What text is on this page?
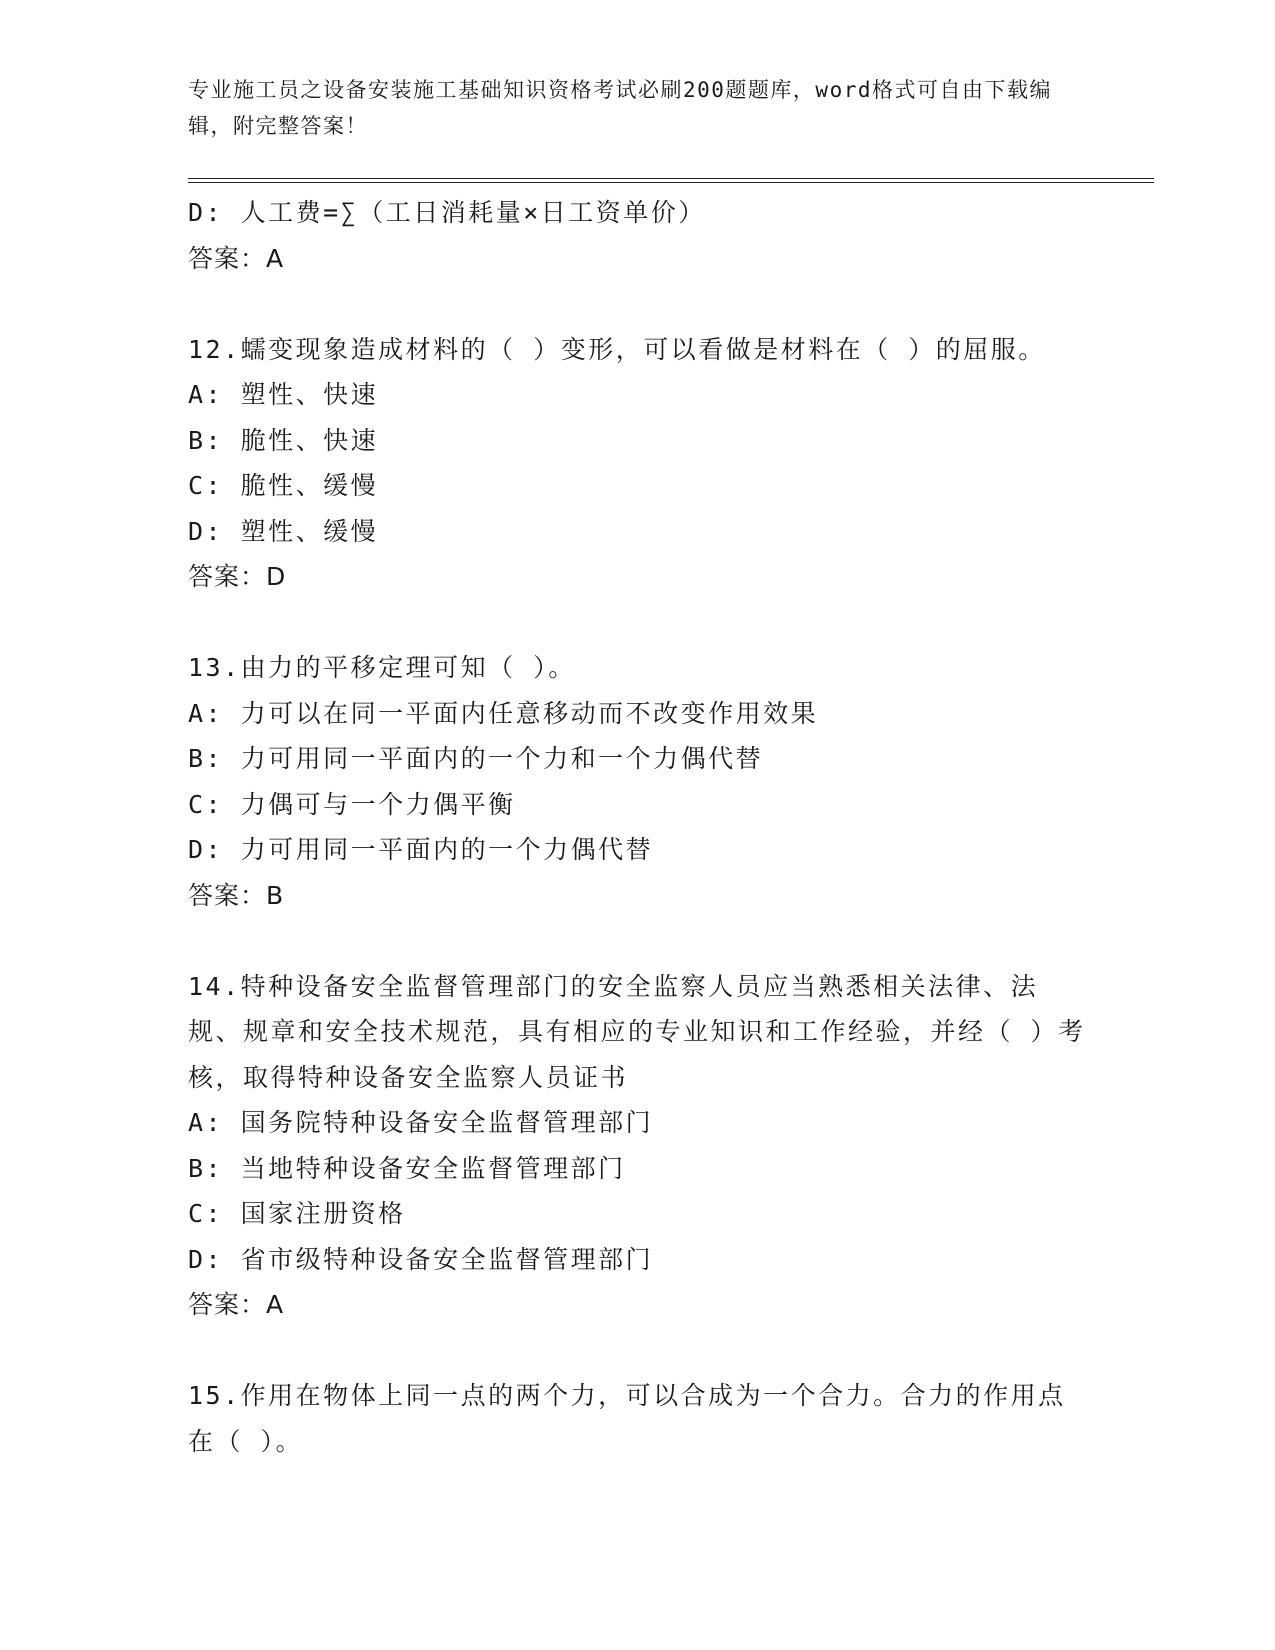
专业施工员之设备安装施工基础知识资格考试必刷200题题库，word格式可自由下载编辑，附完整答案！
D: 人工费=∑（工日消耗量×日工资单价）
答案：A
12.蠕变现象造成材料的（ ）变形，可以看做是材料在（ ）的屈服。
A: 塑性、快速
B: 脆性、快速
C: 脆性、缓慢
D: 塑性、缓慢
答案：D
13.由力的平移定理可知（ ）。
A: 力可以在同一平面内任意移动而不改变作用效果
B: 力可用同一平面内的一个力和一个力偶代替
C: 力偶可与一个力偶平衡
D: 力可用同一平面内的一个力偶代替
答案：B
14.特种设备安全监督管理部门的安全监察人员应当熟悉相关法律、法规、规章和安全技术规范，具有相应的专业知识和工作经验，并经（ ）考核，取得特种设备安全监察人员证书
A: 国务院特种设备安全监督管理部门
B: 当地特种设备安全监督管理部门
C: 国家注册资格
D: 省市级特种设备安全监督管理部门
答案：A
15.作用在物体上同一点的两个力，可以合成为一个合力。合力的作用点在（ ）。
